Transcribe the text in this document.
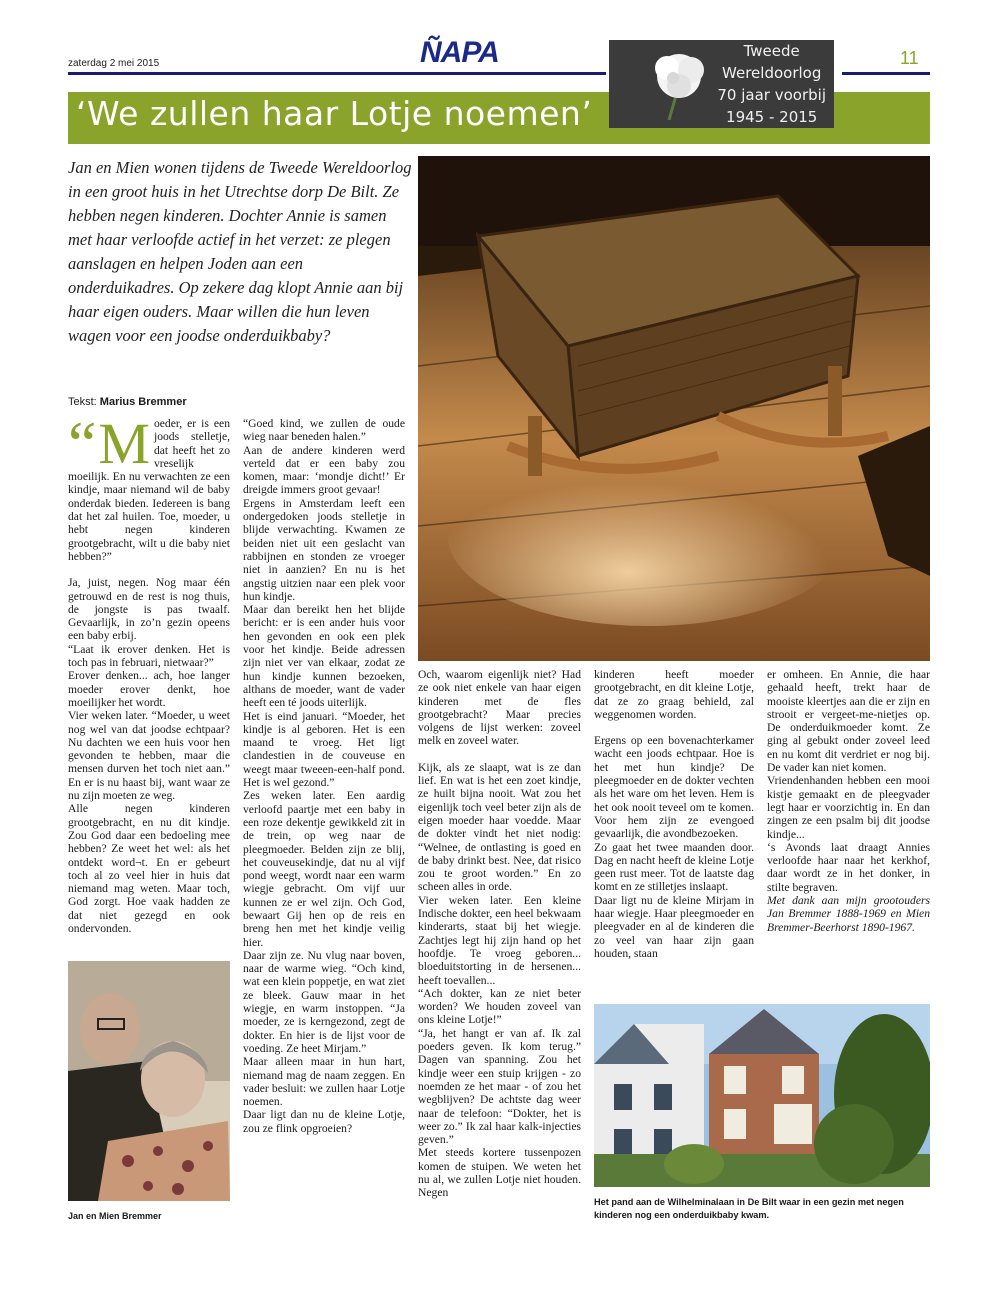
zaterdag 2 mei 2015	ÑAPA	11
‘We zullen haar Lotje noemen’
Tweede
Wereldoorlog
70 jaar voorbij
1945 - 2015
Jan en Mien wonen tijdens de Tweede Wereldoorlog in een groot huis in het Utrechtse dorp De Bilt. Ze hebben negen kinderen. Dochter Annie is samen met haar verloofde actief in het verzet: ze plegen aanslagen en helpen Joden aan een onderduikadres. Op zekere dag klopt Annie aan bij haar eigen ouders. Maar willen die hun leven wagen voor een joodse onderduikbaby?
Tekst: Marius Bremmer

“ M oeder, er is een joods stelletje, dat heeft het zo vreselijk moeilijk. En nu verwachten ze een kindje, maar niemand wil de baby onderdak bieden. Iedereen is bang dat het zal huilen. Toe, moeder, u hebt negen kinderen grootgebracht, wilt u die baby niet hebben?”

Ja, juist, negen. Nog maar één getrouwd en de rest is nog thuis, de jongste is pas twaalf. Gevaarlijk, in zo’n gezin opeens een baby erbij.

“Laat ik erover denken. Het is toch pas in februari, nietwaar?”

Erover denken... ach, hoe langer moeder erover denkt, hoe moeilijker het wordt.

Vier weken later. “Moeder, u weet nog wel van dat joodse echtpaar? Nu dachten we een huis voor hen gevonden te hebben, maar die mensen durven het toch niet aan.” En er is nu haast bij, want waar ze nu zijn moeten ze weg.

Alle negen kinderen grootgebracht, en nu dit kindje. Zou God daar een bedoeling mee hebben? Ze weet het wel: als het ontdekt word¬t. En er gebeurt toch al zo veel hier in huis dat niemand mag weten. Maar toch, God zorgt. Hoe vaak hadden ze dat niet gezegd en ook ondervonden.

Jan en Mien Bremmer

“Goed kind, we zullen de oude wieg naar beneden halen.”

Aan de andere kinderen werd verteld dat er een baby zou komen, maar: ‘mondje dicht!’ Er dreigde immers groot gevaar!

Ergens in Amsterdam leeft een ondergedoken joods stelletje in blijde verwachting. Kwamen ze beiden niet uit een geslacht van rabbijnen en stonden ze vroeger niet in aanzien? En nu is het angstig uitzien naar een plek voor hun kindje.

Maar dan bereikt hen het blijde bericht: er is een ander huis voor hen gevonden en ook een plek voor het kindje. Beide adressen zijn niet ver van elkaar, zodat ze hun kindje kunnen bezoeken, althans de moeder, want de vader heeft een té joods uiterlijk.

Het is eind januari. “Moeder, het kindje is al geboren. Het is een maand te vroeg. Het ligt clandestien in de couveuse en weegt maar tweeen-een-half pond. Het is wel gezond.”

Zes weken later. Een aardig verloofd paartje met een baby in een roze dekentje gewikkeld zit in de trein, op weg naar de pleegmoeder. Belden zijn ze blij, het couveusekindje, dat nu al vijf pond weegt, wordt naar een warm wiegje gebracht. Om vijf uur kunnen ze er wel zijn. Och God, bewaart Gij hen op de reis en breng hen met het kindje veilig hier.

Daar zijn ze. Nu vlug naar boven, naar de warme wieg. “Och kind, wat een klein poppetje, en wat ziet ze bleek. Gauw maar in het wiegje, en warm instoppen. “Ja moeder, ze is kerngezond, zegt de dokter. En hier is de lijst voor de voeding. Ze heet Mirjam.”

Maar alleen maar in hun hart, niemand mag de naam zeggen. En vader besluit: we zullen haar Lotje noemen.

Daar ligt dan nu de kleine Lotje, zou ze flink opgroeien?

Och, waarom eigenlijk niet? Had ze ook niet enkele van haar eigen kinderen met de fles grootgebracht? Maar precies volgens de lijst werken: zoveel melk en zoveel water.

Kijk, als ze slaapt, wat is ze dan lief. En wat is het een zoet kindje, ze huilt bijna nooit. Wat zou het eigenlijk toch veel beter zijn als de eigen moeder haar voedde. Maar de dokter vindt het niet nodig: “Welnee, de ontlasting is goed en de baby drinkt best. Nee, dat risico zou te groot worden.” En zo scheen alles in orde.

Vier weken later. Een kleine Indische dokter, een heel bekwaam kinderarts, staat bij het wiegje. Zachtjes legt hij zijn hand op het hoofdje. Te vroeg geboren... bloeduitstorting in de hersenen... heeft toevallen...

“Ach dokter, kan ze niet beter worden? We houden zoveel van ons kleine Lotje!”

“Ja, het hangt er van af. Ik zal poeders geven. Ik kom terug.” Dagen van spanning. Zou het kindje weer een stuip krijgen - zo noemden ze het maar - of zou het wegblijven? De achtste dag weer naar de telefoon: “Dokter, het is weer zo.” Ik zal haar kalk-injecties geven.”

Met steeds kortere tussenpozen komen de stuipen. We weten het nu al, we zullen Lotje niet houden. Negen

kinderen heeft moeder grootgebracht, en dit kleine Lotje, dat ze zo graag behield, zal weggenomen worden.

Ergens op een bovenachterkamer wacht een joods echtpaar. Hoe is het met hun kindje? De pleegmoeder en de dokter vechten als het ware om het leven. Hem is het ook nooit teveel om te komen. Voor hem zijn ze evengoed gevaarlijk, die avondbezoeken.

Zo gaat het twee maanden door. Dag en nacht heeft de kleine Lotje geen rust meer. Tot de laatste dag komt en ze stilletjes inslaapt.

Daar ligt nu de kleine Mirjam in haar wiegje. Haar pleegmoeder en pleegvader en al de kinderen die zo veel van haar zijn gaan houden, staan

er omheen. En Annie, die haar gehaald heeft, trekt haar de mooiste kleertjes aan die er zijn en strooit er vergeet-me-nietjes op. De onderduikmoeder komt. Ze ging al gebukt onder zoveel leed en nu komt dit verdriet er nog bij. De vader kan niet komen.

Vriendenhanden hebben een mooi kistje gemaakt en de pleegvader legt haar er voorzichtig in. En dan zingen ze een psalm bij dit joodse kindje...

‘s Avonds laat draagt Annies verloofde haar naar het kerkhof, daar wordt ze in het donker, in stilte begraven.

Met dank aan mijn grootouders Jan Bremmer 1888-1969 en Mien Bremmer-Beerhorst 1890-1967.

Het pand aan de Wilhelminalaan in De Bilt waar in een gezin met negen kinderen nog een onderduikbaby kwam.
